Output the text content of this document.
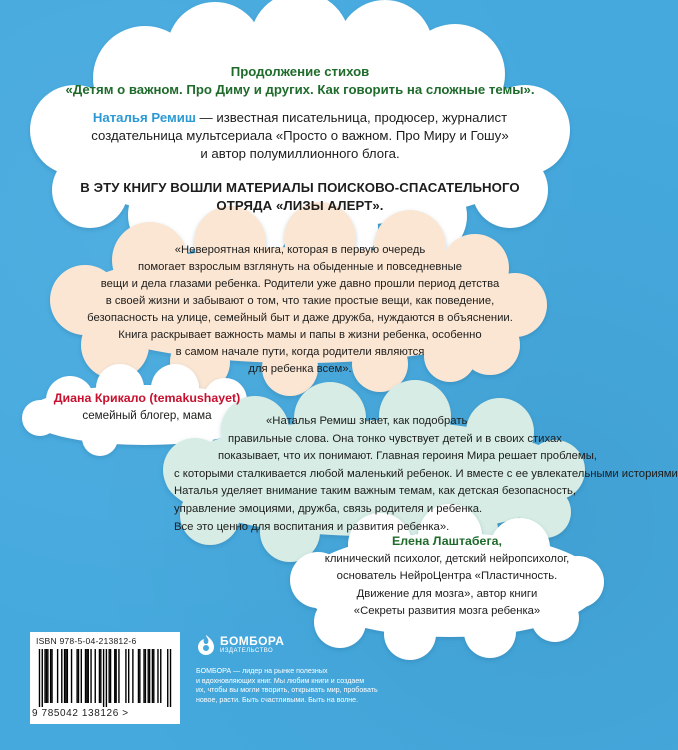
Продолжение стихов
«Детям о важном. Про Диму и других. Как говорить на сложные темы».
Наталья Ремиш — известная писательница, продюсер, журналист
создательница мультсериала «Просто о важном. Про Миру и Гошу»
и автор полумиллионного блога.
В ЭТУ КНИГУ ВОШЛИ МАТЕРИАЛЫ ПОИСКОВО-СПАСАТЕЛЬНОГО
ОТРЯДА «ЛИЗЫ АЛЕРТ».
«Невероятная книга, которая в первую очередь
помогает взрослым взглянуть на обыденные и повседневные
вещи и дела глазами ребенка. Родители уже давно прошли период детства
в своей жизни и забывают о том, что такие простые вещи, как поведение,
безопасность на улице, семейный быт и даже дружба, нуждаются в объяснении.
Книга раскрывает важность мамы и папы в жизни ребенка, особенно
в самом начале пути, когда родители являются
для ребенка всем».
Диана Крикало (temakushayet)
семейный блогер, мама	«Наталья Ремиш знает, как подобрать
правильные слова. Она тонко чувствует детей и в своих стихах
показывает, что их понимают. Главная героиня Мира решает проблемы,
с которыми сталкивается любой маленький ребенок. И вместе с ее увлекательными историями
Наталья уделяет внимание таким важным темам, как детская безопасность,
управление эмоциями, дружба, связь родителя и ребенка.
Все это ценно для воспитания и развития ребенка».
Елена Лаштабега,
клинический психолог, детский нейропсихолог,
основатель НейроЦентра «Пластичность.
Движение для мозга», автор книги
«Секреты развития мозга ребенка»
ISBN 978-5-04-213812-6
9 785042 138126 >
БОМБОРА
ИЗДАТЕЛЬСТВО
БОМБОРА — лидер на рынке полезных
и вдохновляющих книг. Мы любим книги и создаем
их, чтобы вы могли творить, открывать мир, пробовать
новое, расти. Быть счастливыми. Быть на волне.
